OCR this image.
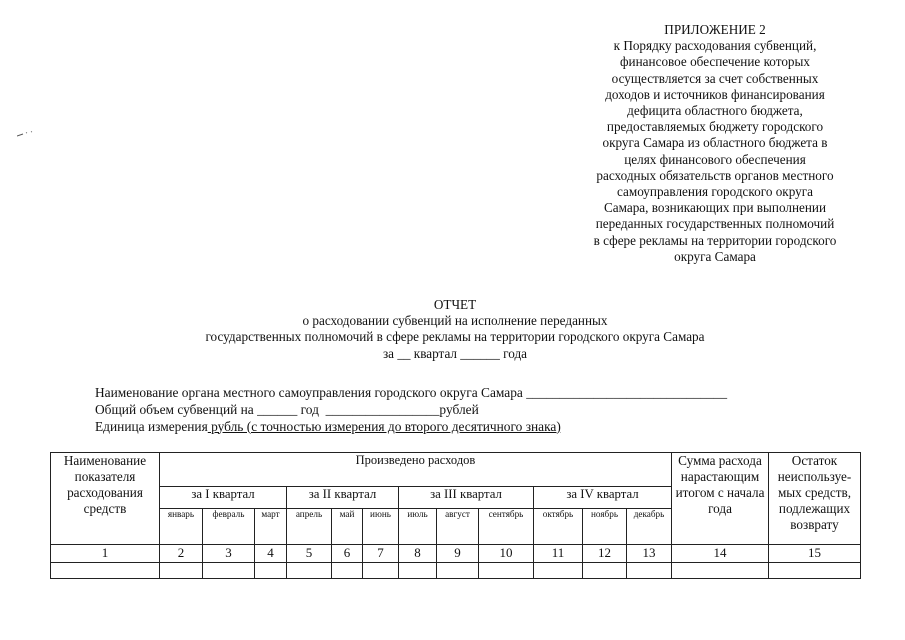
ПРИЛОЖЕНИЕ 2
к Порядку расходования субвенций,
финансовое обеспечение которых
осуществляется за счет собственных
доходов и источников финансирования
дефицита областного бюджета,
предоставляемых бюджету городского
округа Самара из областного бюджета в
целях финансового обеспечения
расходных обязательств органов местного
самоуправления городского округа
Самара, возникающих при выполнении
переданных государственных полномочий
в сфере рекламы на территории городского
округа Самара
ОТЧЕТ
о расходовании субвенций на исполнение переданных
государственных полномочий в сфере рекламы на территории городского округа Самара
за __ квартал ______ года
Наименование органа местного самоуправления городского округа Самара ______________________________
Общий объем субвенций на ______ год _________________рублей
Единица измерения рубль (с точностью измерения до второго десятичного знака)
Наименование показателя расходования средств	Произведено расходов												Сумма расхода нарастающим итогом с начала года	Остаток неиспользуе-мых средств, подлежащих возврату
	за I квартал			за II квартал			за III квартал			за IV квартал				
	январь	февраль	март	апрель	май	июнь	июль	август	сентябрь	октябрь	ноябрь	декабрь		
1	2	3	4	5	6	7	8	9	10	11	12	13	14	15
